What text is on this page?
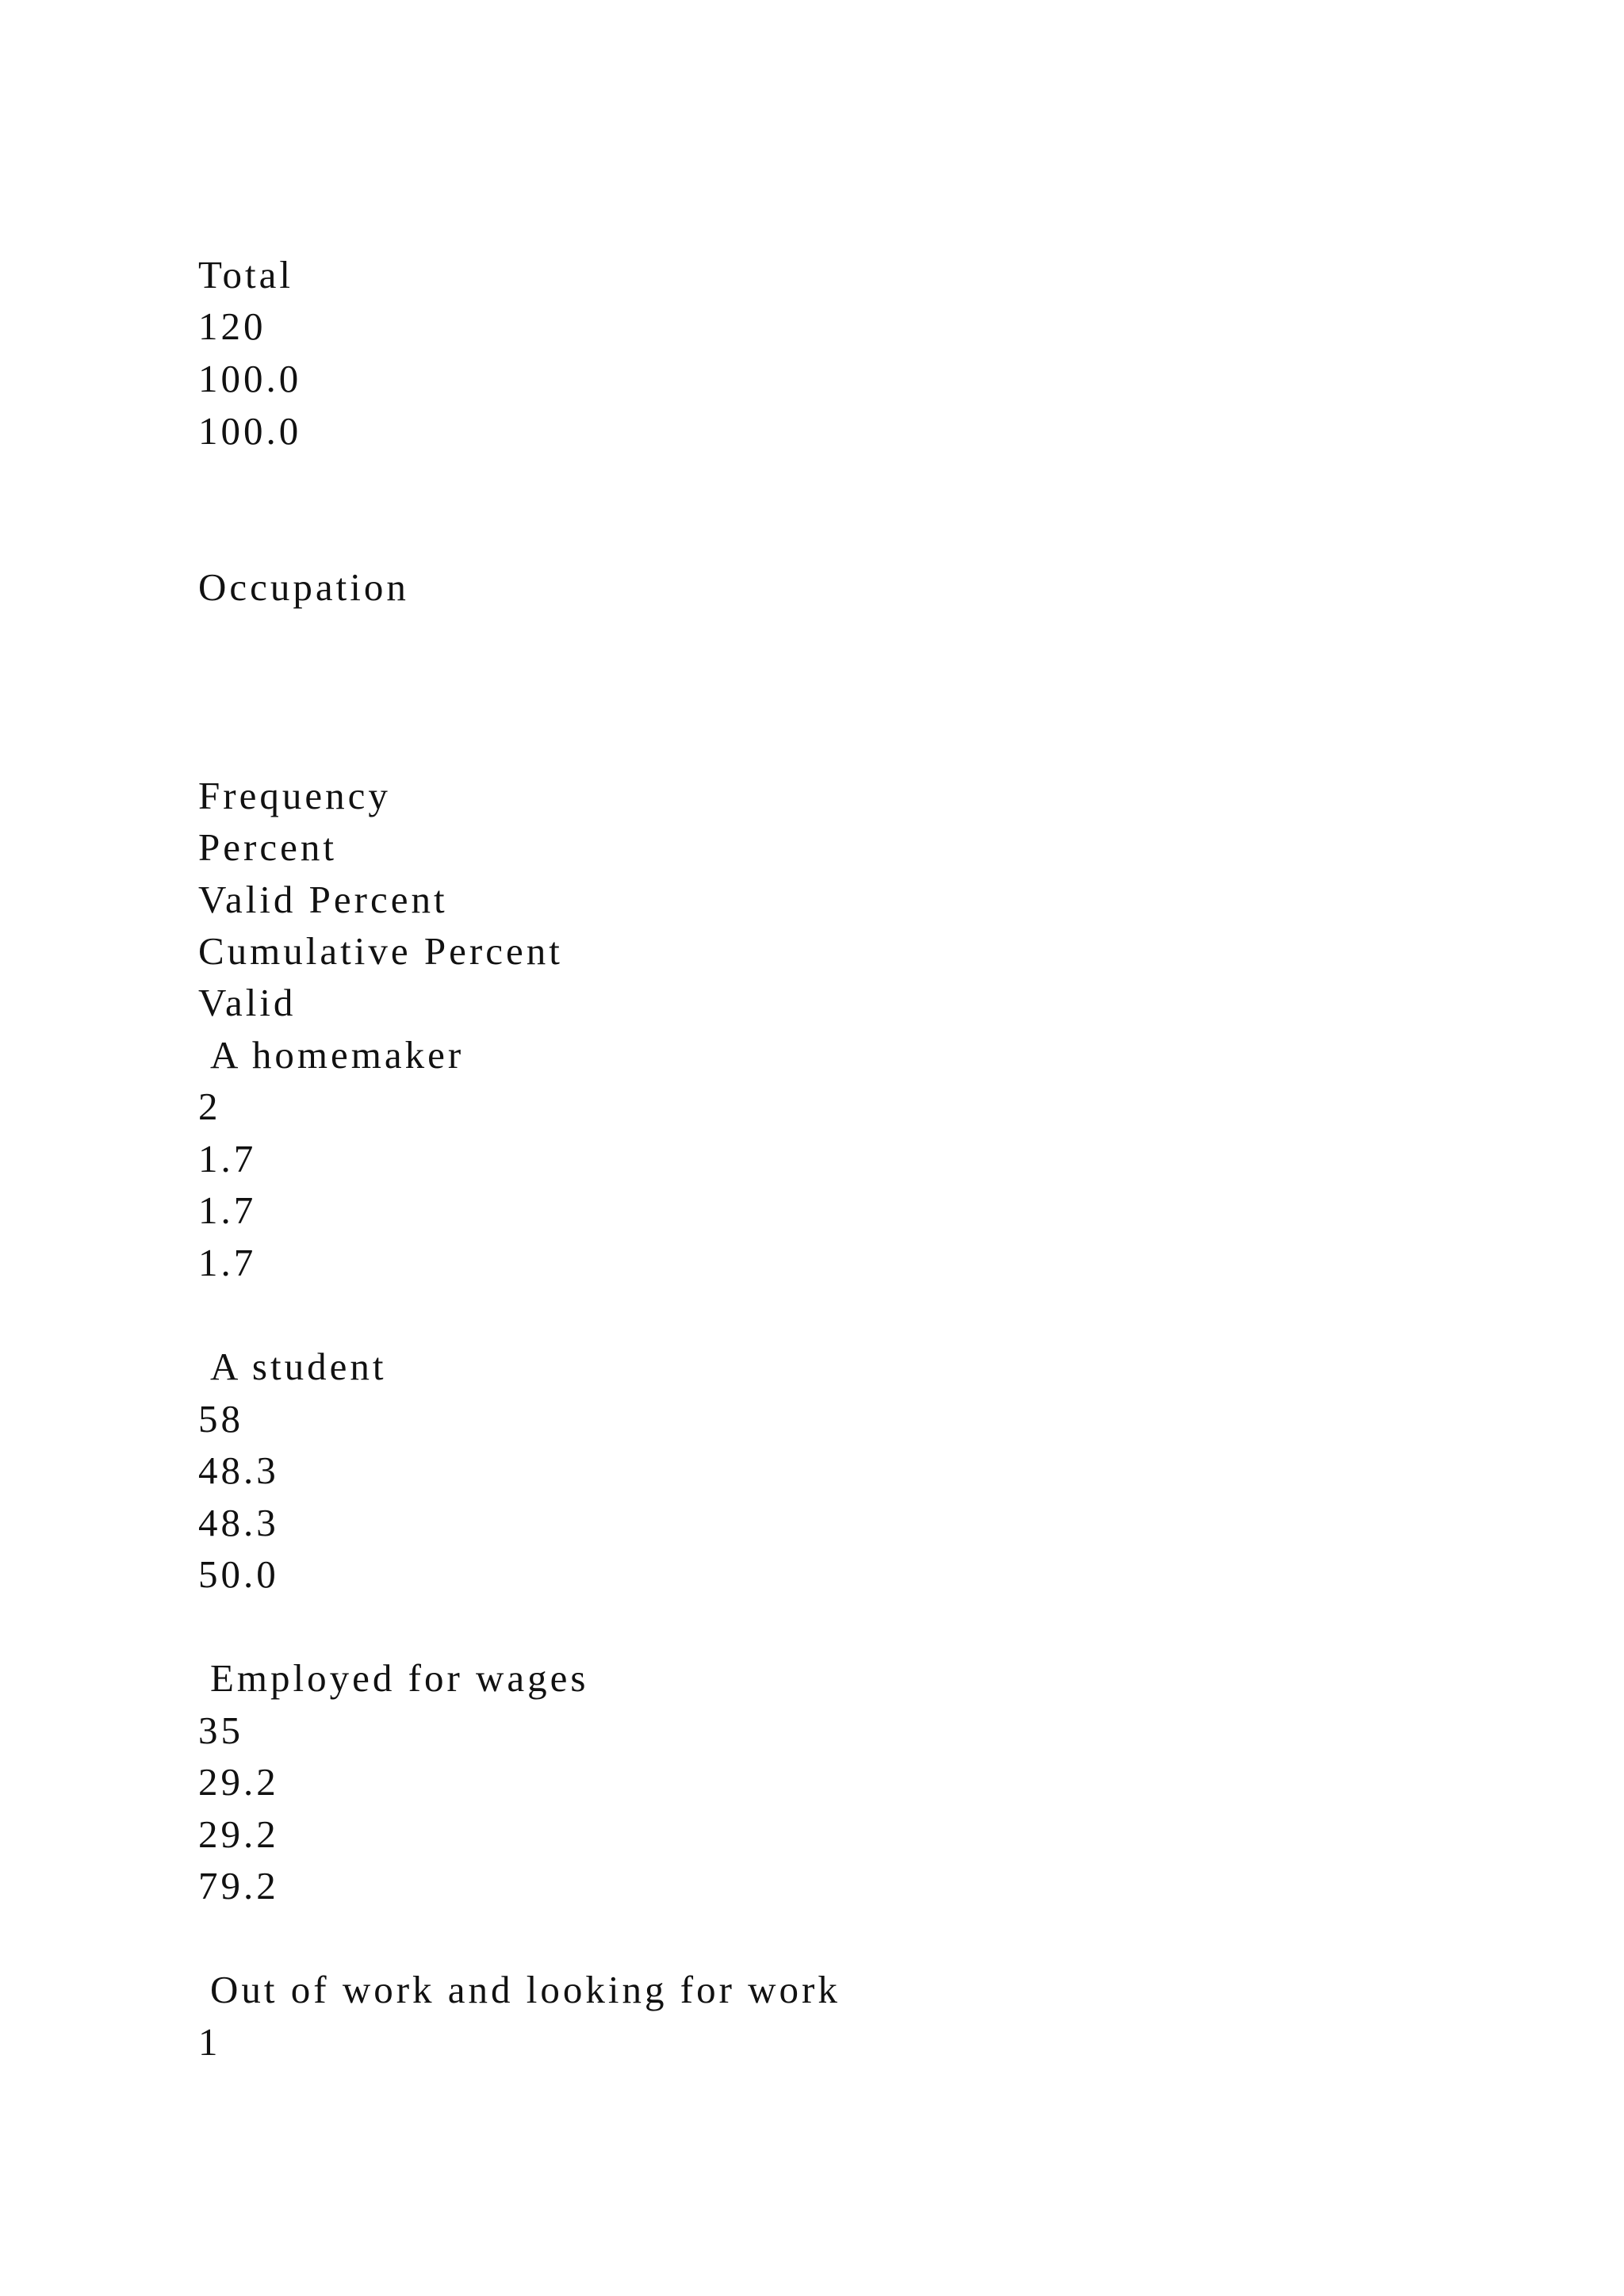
Total
120
100.0
100.0
Occupation
Frequency
Percent
Valid Percent
Cumulative Percent
Valid
A homemaker
2
1.7
1.7
1.7
A student
58
48.3
48.3
50.0
Employed for wages
35
29.2
29.2
79.2
Out of work and looking for work
1
